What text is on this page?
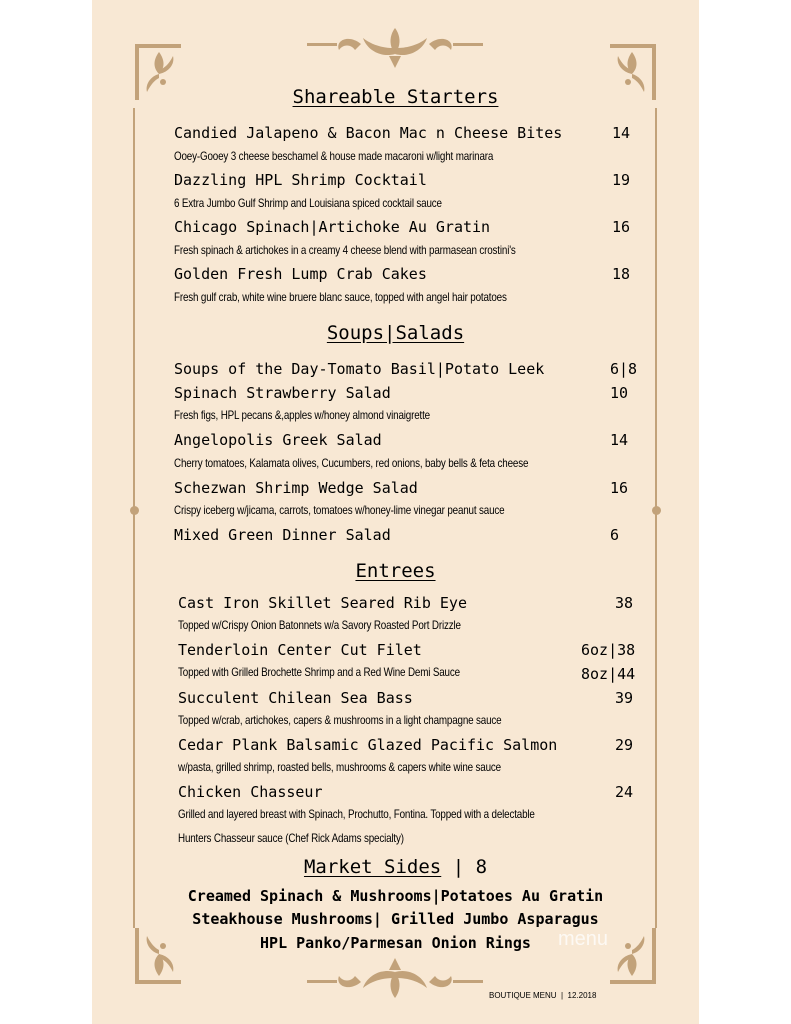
Shareable Starters
Candied Jalapeno & Bacon Mac n Cheese Bites	14
Ooey-Gooey 3 cheese beschamel & house made macaroni w/light marinara
Dazzling HPL Shrimp Cocktail	19
6 Extra Jumbo Gulf Shrimp and Louisiana spiced cocktail sauce
Chicago Spinach|Artichoke Au Gratin	16
Fresh spinach & artichokes in a creamy 4 cheese blend with parmasean crostini's
Golden Fresh Lump Crab Cakes	18
Fresh gulf crab, white wine bruere blanc sauce, topped with angel hair potatoes
Soups|Salads
Soups of the Day-Tomato Basil|Potato Leek	6|8
Spinach Strawberry Salad	10
Fresh figs, HPL pecans &,apples w/honey almond vinaigrette
Angelopolis Greek Salad	14
Cherry tomatoes, Kalamata olives, Cucumbers, red onions, baby bells & feta cheese
Schezwan Shrimp Wedge Salad	16
Crispy iceberg w/jicama, carrots, tomatoes w/honey-lime vinegar peanut sauce
Mixed Green Dinner Salad	6
Entrees
Cast Iron Skillet Seared Rib Eye	38
Topped w/Crispy Onion Batonnets w/a Savory Roasted Port Drizzle
Tenderloin Center Cut Filet	6oz|38
Topped with Grilled Brochette Shrimp and a Red Wine Demi Sauce	8oz|44
Succulent Chilean Sea Bass	39
Topped w/crab, artichokes, capers & mushrooms in a light champagne sauce
Cedar Plank Balsamic Glazed Pacific Salmon	29
w/pasta, grilled shrimp, roasted bells, mushrooms & capers white wine sauce
Chicken Chasseur	24
Grilled and layered breast with Spinach, Prochutto, Fontina. Topped with a delectable
Hunters Chasseur sauce (Chef Rick Adams specialty)
Market Sides | 8
Creamed Spinach & Mushrooms|Potatoes Au Gratin
Steakhouse Mushrooms| Grilled Jumbo Asparagus
HPL Panko/Parmesan Onion Rings	menu
BOUTIQUE MENU  |  12.2018
